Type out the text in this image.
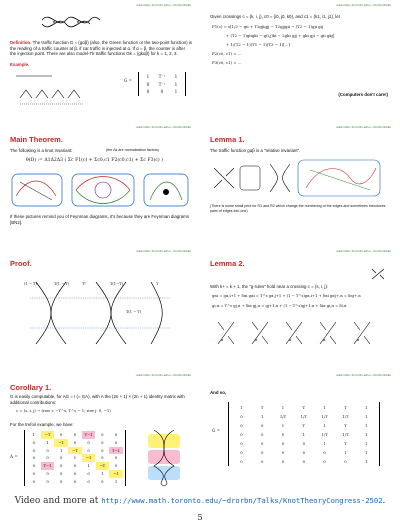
web.tdsrc.toronto.edu/~drorbn/talks
Definition. The traffic function G = (gαβ) (also, the Green function or the two-point function) is the reading of a traffic counter at β, if car traffic is injected at α. If α = β, the counter is after the injection point. There are also model-Tk traffic functions Gk = (gkαβ) for k = 1, 2, 3.
Example.
G =
1	T⁻¹	1
0	T⁻¹	1
0	0	1
web.tdsrc.toronto.edu/~drorbn/talks
Given crossings c = (k, i, j), c0 = (i0, j0, k0), and c1 = (k1, i1, j1), let
F1(c) = s[1/2 − gii + T2gjigjj − T2gjjgii − (T2 − 1)gji gij
+ (T2 − 1)giigki − g(i,j)ki − 2gki gjj + gki gji − gii gkj]
+ 1/(T2 − 1)(T1 − 1)(T3 − 1)[...]
F2(c0, c1) = ...
F3(c0, c1) = ...
(Computers don't care!)
web.tdsrc.toronto.edu/~drorbn/talks
Main Theorem.
The following is a knot invariant:	(the Δk are normalization factors)
θ(D) := Δ1Δ2Δ3 ( Σc F1(c) + Σc0,c1 F2(c0,c1) + Σc F3(c) )
If these pictures remind you of Feynman diagrams, it's because they are Feynman diagrams [BN2].
web.tdsrc.toronto.edu/~drorbn/talks
Lemma 1.
The traffic function gαβ is a "relative invariant".
(There is some small print for R1 and R2 which change the numbering of the edges and sometimes introduces pairs of edges into one)
web.tdsrc.toronto.edu/~drorbn/talks
Proof.
(1 − T)	T(1 − T)	T²	T(1−T)
T(1 − T)
T
web.tdsrc.toronto.edu/~drorbn/talks
Lemma 2.
With k+ = k + 1, the "g-rules" hold near a crossing c = (s, i, j):
gαi = gα,i+1 + δαi gαi = T^s gα,j+1 + (1 − T^s)gα,i+1 + δαi gαj+,α = δαj+,α
gi,α = T^s gj,α + δiα gj,α = gj+1,α + (1 − T^s)gj+1,α + δiα gi,α = δi,α
web.tdsrc.toronto.edu/~drorbn/talks
Corollary 1.
G is easily computable, for AG = I (= GA), with A the (2n + 1) × (2n + 1) identity matrix with additional contributions:
c = (s, i, j) → (row i: −T^s, T^s − 1; row j: 0, −1)
For the trefoil example, we have:
A =
1	−T	0	0	T−1	0	0
0	1	−1	0	0	0	0
0	0	1	−T	0	0	T−1
0	0	0	1	−1	0	0
0	T−1	0	0	1	−T	0
0	0	0	0	0	1	−1
0	0	0	0	0	0	1
web.tdsrc.toronto.edu/~drorbn/talks
And so,
G =
1	T	1	T	1	T	1
0	1	1/T	1/T	1/T	1/T	1
0	0	1	T	1	T	1
0	0	0	1	1/T	1/T	1
0	0	0	0	1	T	1
0	0	0	0	0	1	1
0	0	0	0	0	0	1
Video and more at http://www.math.toronto.edu/~drorbn/Talks/KnotTheoryCongress-2502.
5
